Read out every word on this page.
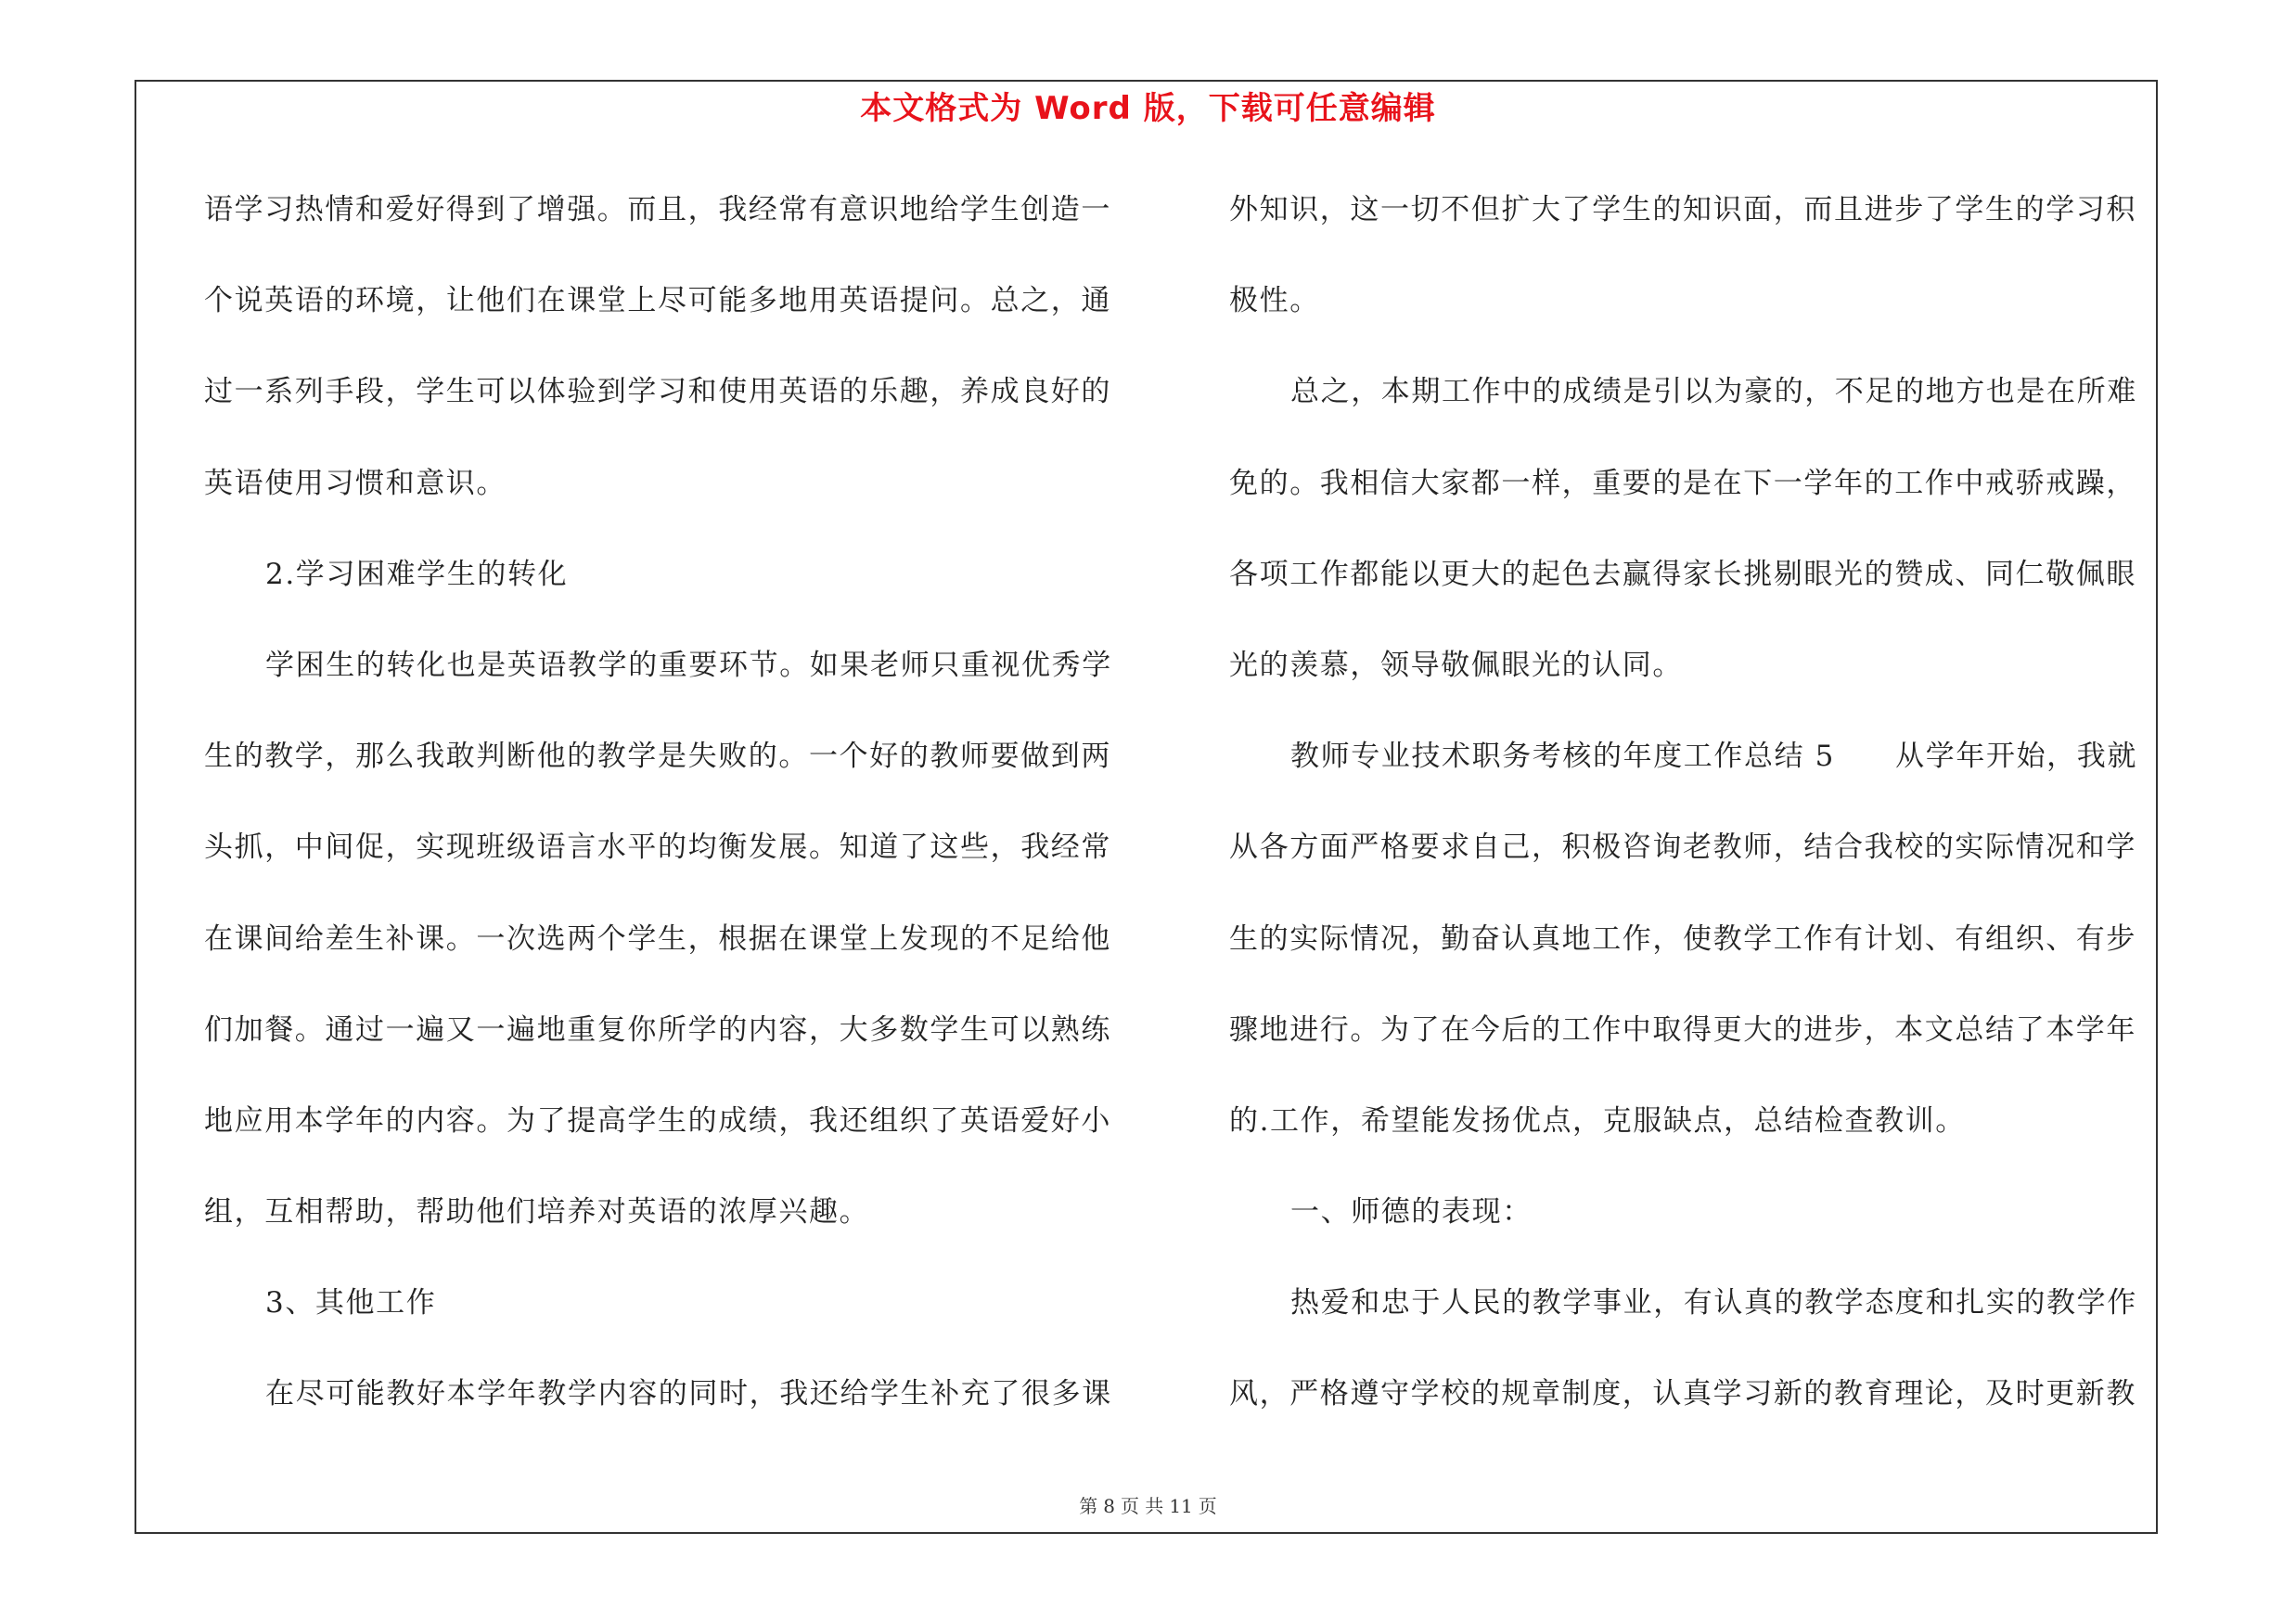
本文格式为 Word 版，下载可任意编辑
语学习热情和爱好得到了增强。而且，我经常有意识地给学生创造一
个说英语的环境，让他们在课堂上尽可能多地用英语提问。总之，通
过一系列手段，学生可以体验到学习和使用英语的乐趣，养成良好的
英语使用习惯和意识。
2.学习困难学生的转化
学困生的转化也是英语教学的重要环节。如果老师只重视优秀学
生的教学，那么我敢判断他的教学是失败的。一个好的教师要做到两
头抓，中间促，实现班级语言水平的均衡发展。知道了这些，我经常
在课间给差生补课。一次选两个学生，根据在课堂上发现的不足给他
们加餐。通过一遍又一遍地重复你所学的内容，大多数学生可以熟练
地应用本学年的内容。为了提高学生的成绩，我还组织了英语爱好小
组，互相帮助，帮助他们培养对英语的浓厚兴趣。
3、其他工作
在尽可能教好本学年教学内容的同时，我还给学生补充了很多课
外知识，这一切不但扩大了学生的知识面，而且进步了学生的学习积
极性。
总之，本期工作中的成绩是引以为豪的，不足的地方也是在所难
免的。我相信大家都一样，重要的是在下一学年的工作中戒骄戒躁，
各项工作都能以更大的起色去赢得家长挑剔眼光的赞成、同仁敬佩眼
光的羡慕，领导敬佩眼光的认同。
教师专业技术职务考核的年度工作总结 5　　从学年开始，我就
从各方面严格要求自己，积极咨询老教师，结合我校的实际情况和学
生的实际情况，勤奋认真地工作，使教学工作有计划、有组织、有步
骤地进行。为了在今后的工作中取得更大的进步，本文总结了本学年
的.工作，希望能发扬优点，克服缺点，总结检查教训。
一、师德的表现：
热爱和忠于人民的教学事业，有认真的教学态度和扎实的教学作
风，严格遵守学校的规章制度，认真学习新的教育理论，及时更新教
第 8 页 共 11 页
